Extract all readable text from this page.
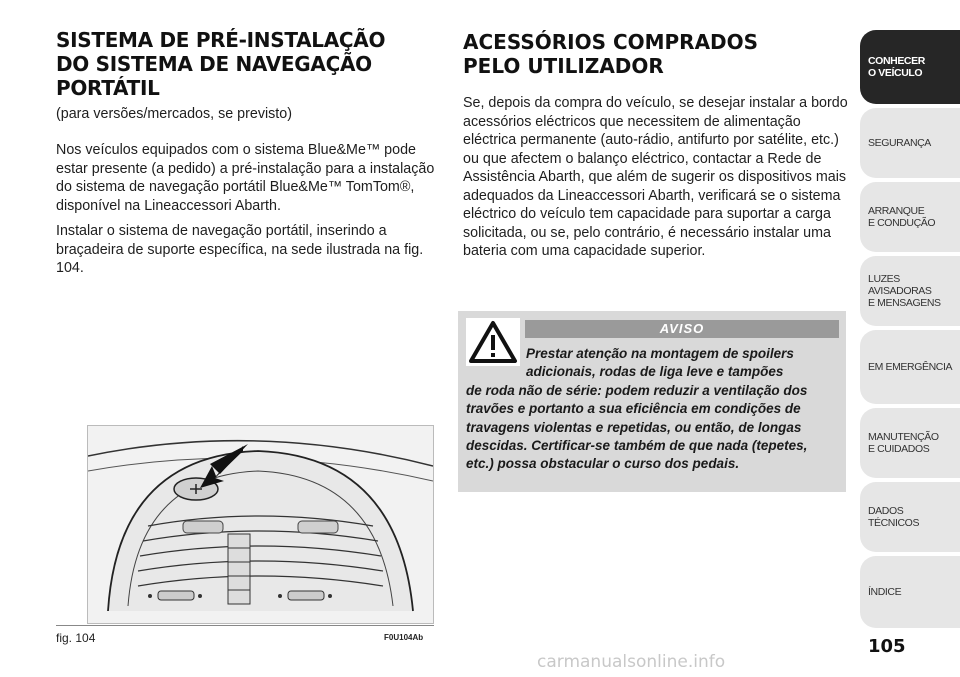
SISTEMA DE PRÉ-INSTALAÇÃO
DO SISTEMA DE NAVEGAÇÃO
PORTÁTIL
(para versões/mercados, se previsto)
Nos veículos equipados com o sistema Blue&Me™ pode estar presente (a pedido) a pré-instalação para a instalação do sistema de navegação portátil Blue&Me™ TomTom®, disponível na Lineaccessori Abarth.
Instalar o sistema de navegação portátil, inserindo a braçadeira de suporte específica, na sede ilustrada na fig. 104.
fig. 104	F0U104Ab
ACESSÓRIOS COMPRADOS
PELO UTILIZADOR
Se, depois da compra do veículo, se desejar instalar a bordo acessórios eléctricos que necessitem de alimentação eléctrica permanente (auto-rádio, antifurto por satélite, etc.) ou que afectem o balanço eléctrico, contactar a Rede de Assistência Abarth, que além de sugerir os dispositivos mais adequados da Lineaccessori Abarth, verificará se o sistema eléctrico do veículo tem capacidade para suportar a carga solicitada, ou se, pelo contrário, é necessário instalar uma bateria com uma capacidade superior.
AVISO
Prestar atenção na montagem de spoilers adicionais, rodas de liga leve e tampões
de roda não de série: podem reduzir a ventilação dos travões e portanto a sua eficiência em condições de travagens violentas e repetidas, ou então, de longas descidas. Certificar-se também de que nada (tepetes, etc.) possa obstacular o curso dos pedais.
CONHECER
O VEÍCULO
SEGURANÇA
ARRANQUE
E CONDUÇÃO
LUZES
AVISADORAS
E MENSAGENS
EM EMERGÊNCIA
MANUTENÇÃO
E CUIDADOS
DADOS
TÉCNICOS
ÍNDICE
105
carmanualsonline.info
